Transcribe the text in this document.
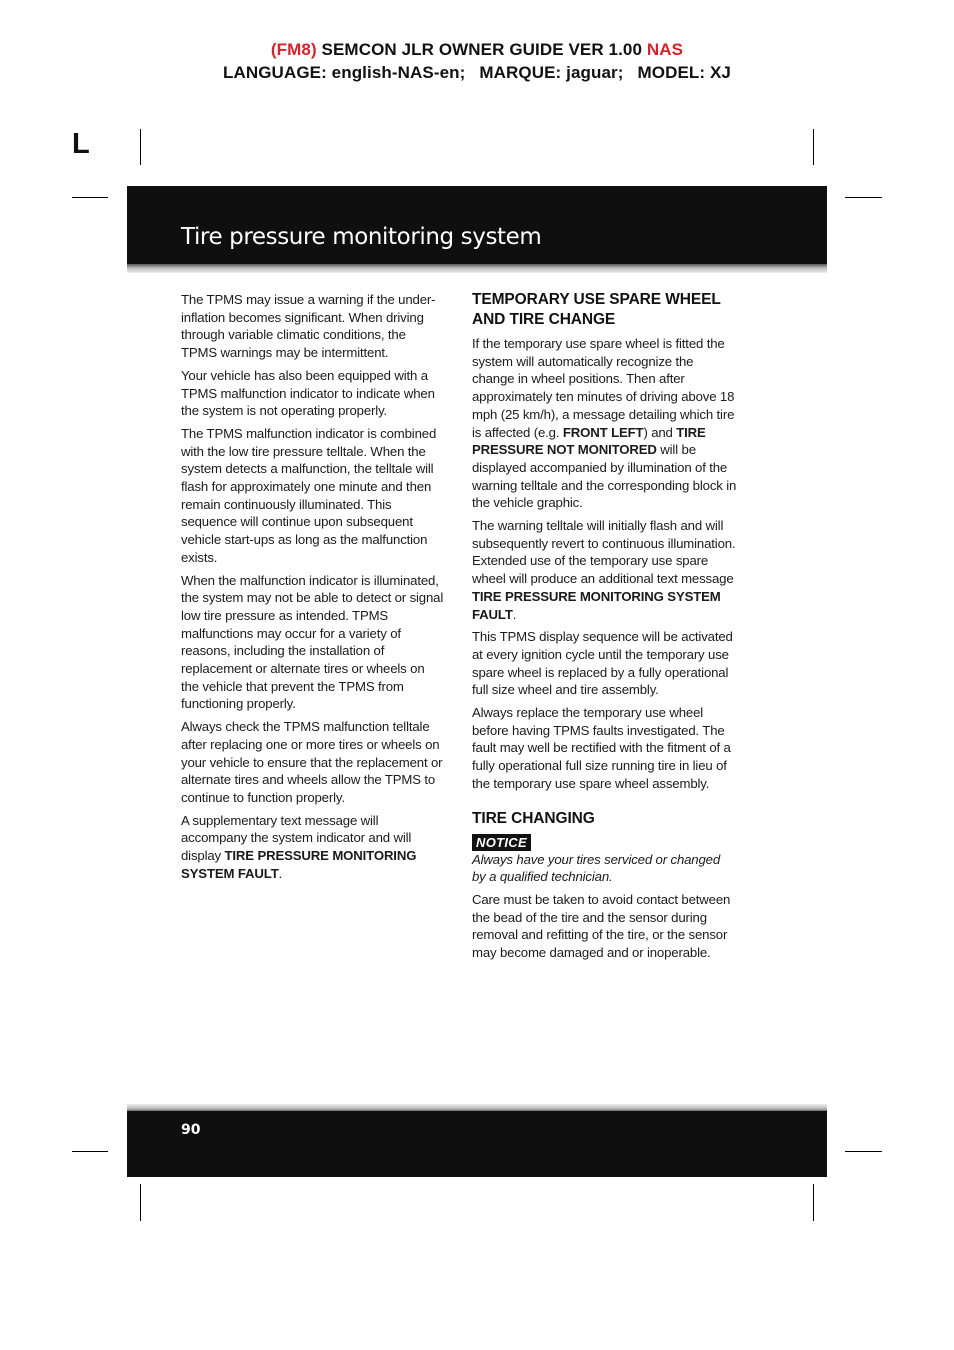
(FM8) SEMCON JLR OWNER GUIDE VER 1.00 NAS
LANGUAGE: english-NAS-en; MARQUE: jaguar; MODEL: XJ
L
Tire pressure monitoring system

The TPMS may issue a warning if the under-inflation becomes significant. When driving through variable climatic conditions, the TPMS warnings may be intermittent.

Your vehicle has also been equipped with a TPMS malfunction indicator to indicate when the system is not operating properly.

The TPMS malfunction indicator is combined with the low tire pressure telltale. When the system detects a malfunction, the telltale will flash for approximately one minute and then remain continuously illuminated. This sequence will continue upon subsequent vehicle start-ups as long as the malfunction exists.

When the malfunction indicator is illuminated, the system may not be able to detect or signal low tire pressure as intended. TPMS malfunctions may occur for a variety of reasons, including the installation of replacement or alternate tires or wheels on the vehicle that prevent the TPMS from functioning properly.

Always check the TPMS malfunction telltale after replacing one or more tires or wheels on your vehicle to ensure that the replacement or alternate tires and wheels allow the TPMS to continue to function properly.

A supplementary text message will accompany the system indicator and will display TIRE PRESSURE MONITORING SYSTEM FAULT.

TEMPORARY USE SPARE WHEEL AND TIRE CHANGE

If the temporary use spare wheel is fitted the system will automatically recognize the change in wheel positions. Then after approximately ten minutes of driving above 18 mph (25 km/h), a message detailing which tire is affected (e.g. FRONT LEFT) and TIRE PRESSURE NOT MONITORED will be displayed accompanied by illumination of the warning telltale and the corresponding block in the vehicle graphic.

The warning telltale will initially flash and will subsequently revert to continuous illumination. Extended use of the temporary use spare wheel will produce an additional text message TIRE PRESSURE MONITORING SYSTEM FAULT.

This TPMS display sequence will be activated at every ignition cycle until the temporary use spare wheel is replaced by a fully operational full size wheel and tire assembly.

Always replace the temporary use wheel before having TPMS faults investigated. The fault may well be rectified with the fitment of a fully operational full size running tire in lieu of the temporary use spare wheel assembly.

TIRE CHANGING
NOTICE

Always have your tires serviced or changed by a qualified technician.

Care must be taken to avoid contact between the bead of the tire and the sensor during removal and refitting of the tire, or the sensor may become damaged and or inoperable.

90
